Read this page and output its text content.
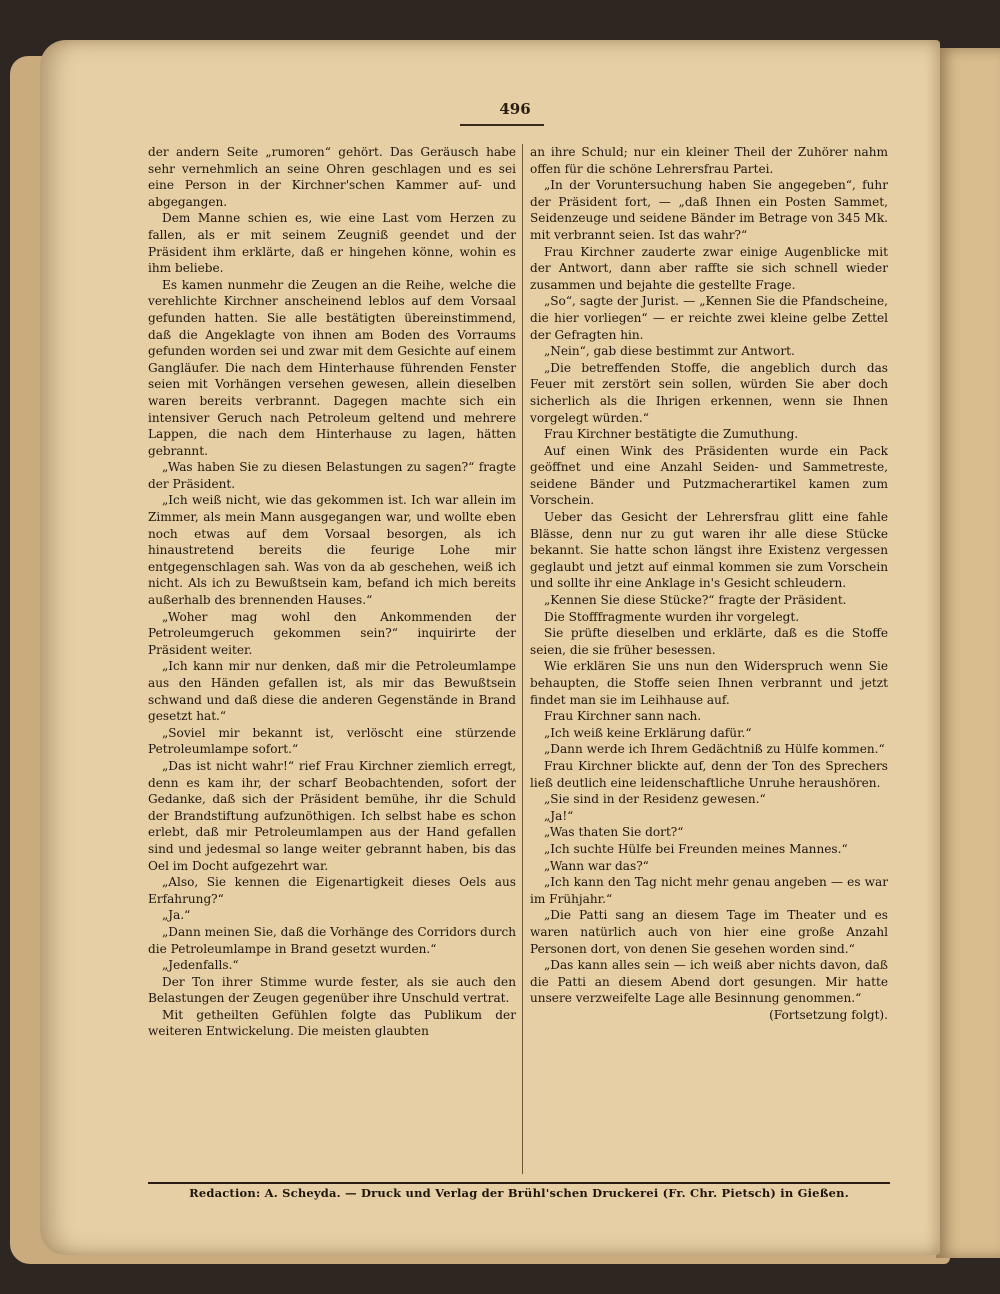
496

der andern Seite „rumoren“ gehört. Das Geräusch habe sehr vernehmlich an seine Ohren geschlagen und es sei eine Person in der Kirchner'schen Kammer auf- und abgegangen.

Dem Manne schien es, wie eine Last vom Herzen zu fallen, als er mit seinem Zeugniß geendet und der Präsident ihm erklärte, daß er hingehen könne, wohin es ihm beliebe.

Es kamen nunmehr die Zeugen an die Reihe, welche die verehlichte Kirchner anscheinend leblos auf dem Vorsaal gefunden hatten. Sie alle bestätigten übereinstimmend, daß die Angeklagte von ihnen am Boden des Vorraums gefunden worden sei und zwar mit dem Gesichte auf einem Gangläufer. Die nach dem Hinterhause führenden Fenster seien mit Vorhängen versehen gewesen, allein dieselben waren bereits verbrannt. Dagegen machte sich ein intensiver Geruch nach Petroleum geltend und mehrere Lappen, die nach dem Hinterhause zu lagen, hätten gebrannt.

„Was haben Sie zu diesen Belastungen zu sagen?“ fragte der Präsident.

„Ich weiß nicht, wie das gekommen ist. Ich war allein im Zimmer, als mein Mann ausgegangen war, und wollte eben noch etwas auf dem Vorsaal besorgen, als ich hinaustretend bereits die feurige Lohe mir entgegenschlagen sah. Was von da ab geschehen, weiß ich nicht. Als ich zu Bewußtsein kam, befand ich mich bereits außerhalb des brennenden Hauses.“

„Woher mag wohl den Ankommenden der Petroleumgeruch gekommen sein?“ inquirirte der Präsident weiter.

„Ich kann mir nur denken, daß mir die Petroleumlampe aus den Händen gefallen ist, als mir das Bewußtsein schwand und daß diese die anderen Gegenstände in Brand gesetzt hat.“

„Soviel mir bekannt ist, verlöscht eine stürzende Petroleumlampe sofort.“

„Das ist nicht wahr!“ rief Frau Kirchner ziemlich erregt, denn es kam ihr, der scharf Beobachtenden, sofort der Gedanke, daß sich der Präsident bemühe, ihr die Schuld der Brandstiftung aufzunöthigen. Ich selbst habe es schon erlebt, daß mir Petroleumlampen aus der Hand gefallen sind und jedesmal so lange weiter gebrannt haben, bis das Oel im Docht aufgezehrt war.

„Also, Sie kennen die Eigenartigkeit dieses Oels aus Erfahrung?“

„Ja.“

„Dann meinen Sie, daß die Vorhänge des Corridors durch die Petroleumlampe in Brand gesetzt wurden.“

„Jedenfalls.“

Der Ton ihrer Stimme wurde fester, als sie auch den Belastungen der Zeugen gegenüber ihre Unschuld vertrat.

Mit getheilten Gefühlen folgte das Publikum der weiteren Entwickelung. Die meisten glaubten

an ihre Schuld; nur ein kleiner Theil der Zuhörer nahm offen für die schöne Lehrersfrau Partei.

„In der Voruntersuchung haben Sie angegeben“, fuhr der Präsident fort, — „daß Ihnen ein Posten Sammet, Seidenzeuge und seidene Bänder im Betrage von 345 Mk. mit verbrannt seien. Ist das wahr?“

Frau Kirchner zauderte zwar einige Augenblicke mit der Antwort, dann aber raffte sie sich schnell wieder zusammen und bejahte die gestellte Frage.

„So“, sagte der Jurist. — „Kennen Sie die Pfandscheine, die hier vorliegen“ — er reichte zwei kleine gelbe Zettel der Gefragten hin.

„Nein“, gab diese bestimmt zur Antwort.

„Die betreffenden Stoffe, die angeblich durch das Feuer mit zerstört sein sollen, würden Sie aber doch sicherlich als die Ihrigen erkennen, wenn sie Ihnen vorgelegt würden.“

Frau Kirchner bestätigte die Zumuthung.

Auf einen Wink des Präsidenten wurde ein Pack geöffnet und eine Anzahl Seiden- und Sammetreste, seidene Bänder und Putzmacherartikel kamen zum Vorschein.

Ueber das Gesicht der Lehrersfrau glitt eine fahle Blässe, denn nur zu gut waren ihr alle diese Stücke bekannt. Sie hatte schon längst ihre Existenz vergessen geglaubt und jetzt auf einmal kommen sie zum Vorschein und sollte ihr eine Anklage in's Gesicht schleudern.

„Kennen Sie diese Stücke?“ fragte der Präsident.

Die Stofffragmente wurden ihr vorgelegt.

Sie prüfte dieselben und erklärte, daß es die Stoffe seien, die sie früher besessen.

Wie erklären Sie uns nun den Widerspruch wenn Sie behaupten, die Stoffe seien Ihnen verbrannt und jetzt findet man sie im Leihhause auf.

Frau Kirchner sann nach.

„Ich weiß keine Erklärung dafür.“

„Dann werde ich Ihrem Gedächtniß zu Hülfe kommen.“

Frau Kirchner blickte auf, denn der Ton des Sprechers ließ deutlich eine leidenschaftliche Unruhe heraushören.

„Sie sind in der Residenz gewesen.“

„Ja!“

„Was thaten Sie dort?“

„Ich suchte Hülfe bei Freunden meines Mannes.“

„Wann war das?“

„Ich kann den Tag nicht mehr genau angeben — es war im Frühjahr.“

„Die Patti sang an diesem Tage im Theater und es waren natürlich auch von hier eine große Anzahl Personen dort, von denen Sie gesehen worden sind.“

„Das kann alles sein — ich weiß aber nichts davon, daß die Patti an diesem Abend dort gesungen. Mir hatte unsere verzweifelte Lage alle Besinnung genommen.“
(Fortsetzung folgt).

Redaction: A. Scheyda. — Druck und Verlag der Brühl'schen Druckerei (Fr. Chr. Pietsch) in Gießen.
